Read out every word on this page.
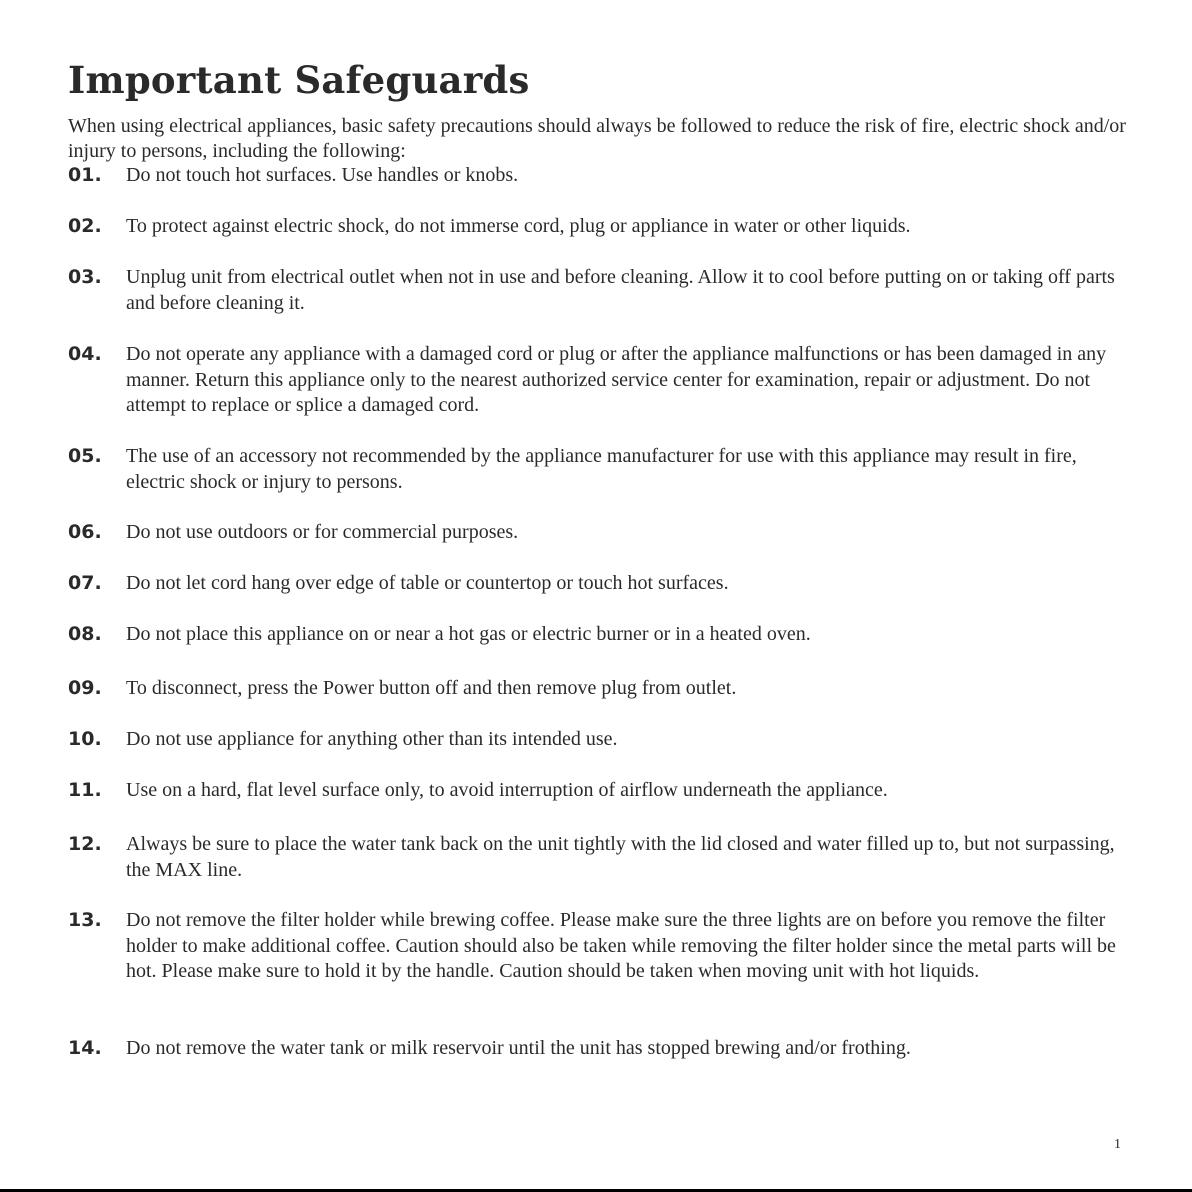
Important Safeguards

When using electrical appliances, basic safety precautions should always be followed to reduce the risk of fire, electric shock and/or injury to persons, including the following:

01. Do not touch hot surfaces. Use handles or knobs.

02. To protect against electric shock, do not immerse cord, plug or appliance in water or other liquids.

03. Unplug unit from electrical outlet when not in use and before cleaning. Allow it to cool before putting on or taking off parts and before cleaning it.

04. Do not operate any appliance with a damaged cord or plug or after the appliance malfunctions or has been damaged in any manner. Return this appliance only to the nearest authorized service center for examination, repair or adjustment. Do not attempt to replace or splice a damaged cord.

05. The use of an accessory not recommended by the appliance manufacturer for use with this appliance may result in fire, electric shock or injury to persons.

06. Do not use outdoors or for commercial purposes.

07. Do not let cord hang over edge of table or countertop or touch hot surfaces.

08. Do not place this appliance on or near a hot gas or electric burner or in a heated oven.

09. To disconnect, press the Power button off and then remove plug from outlet.

10. Do not use appliance for anything other than its intended use.

11. Use on a hard, flat level surface only, to avoid interruption of airflow underneath the appliance.

12. Always be sure to place the water tank back on the unit tightly with the lid closed and water filled up to, but not surpassing, the MAX line.

13. Do not remove the filter holder while brewing coffee. Please make sure the three lights are on before you remove the filter holder to make additional coffee. Caution should also be taken while removing the filter holder since the metal parts will be hot. Please make sure to hold it by the handle. Caution should be taken when moving unit with hot liquids.

14. Do not remove the water tank or milk reservoir until the unit has stopped brewing and/or frothing.

1
